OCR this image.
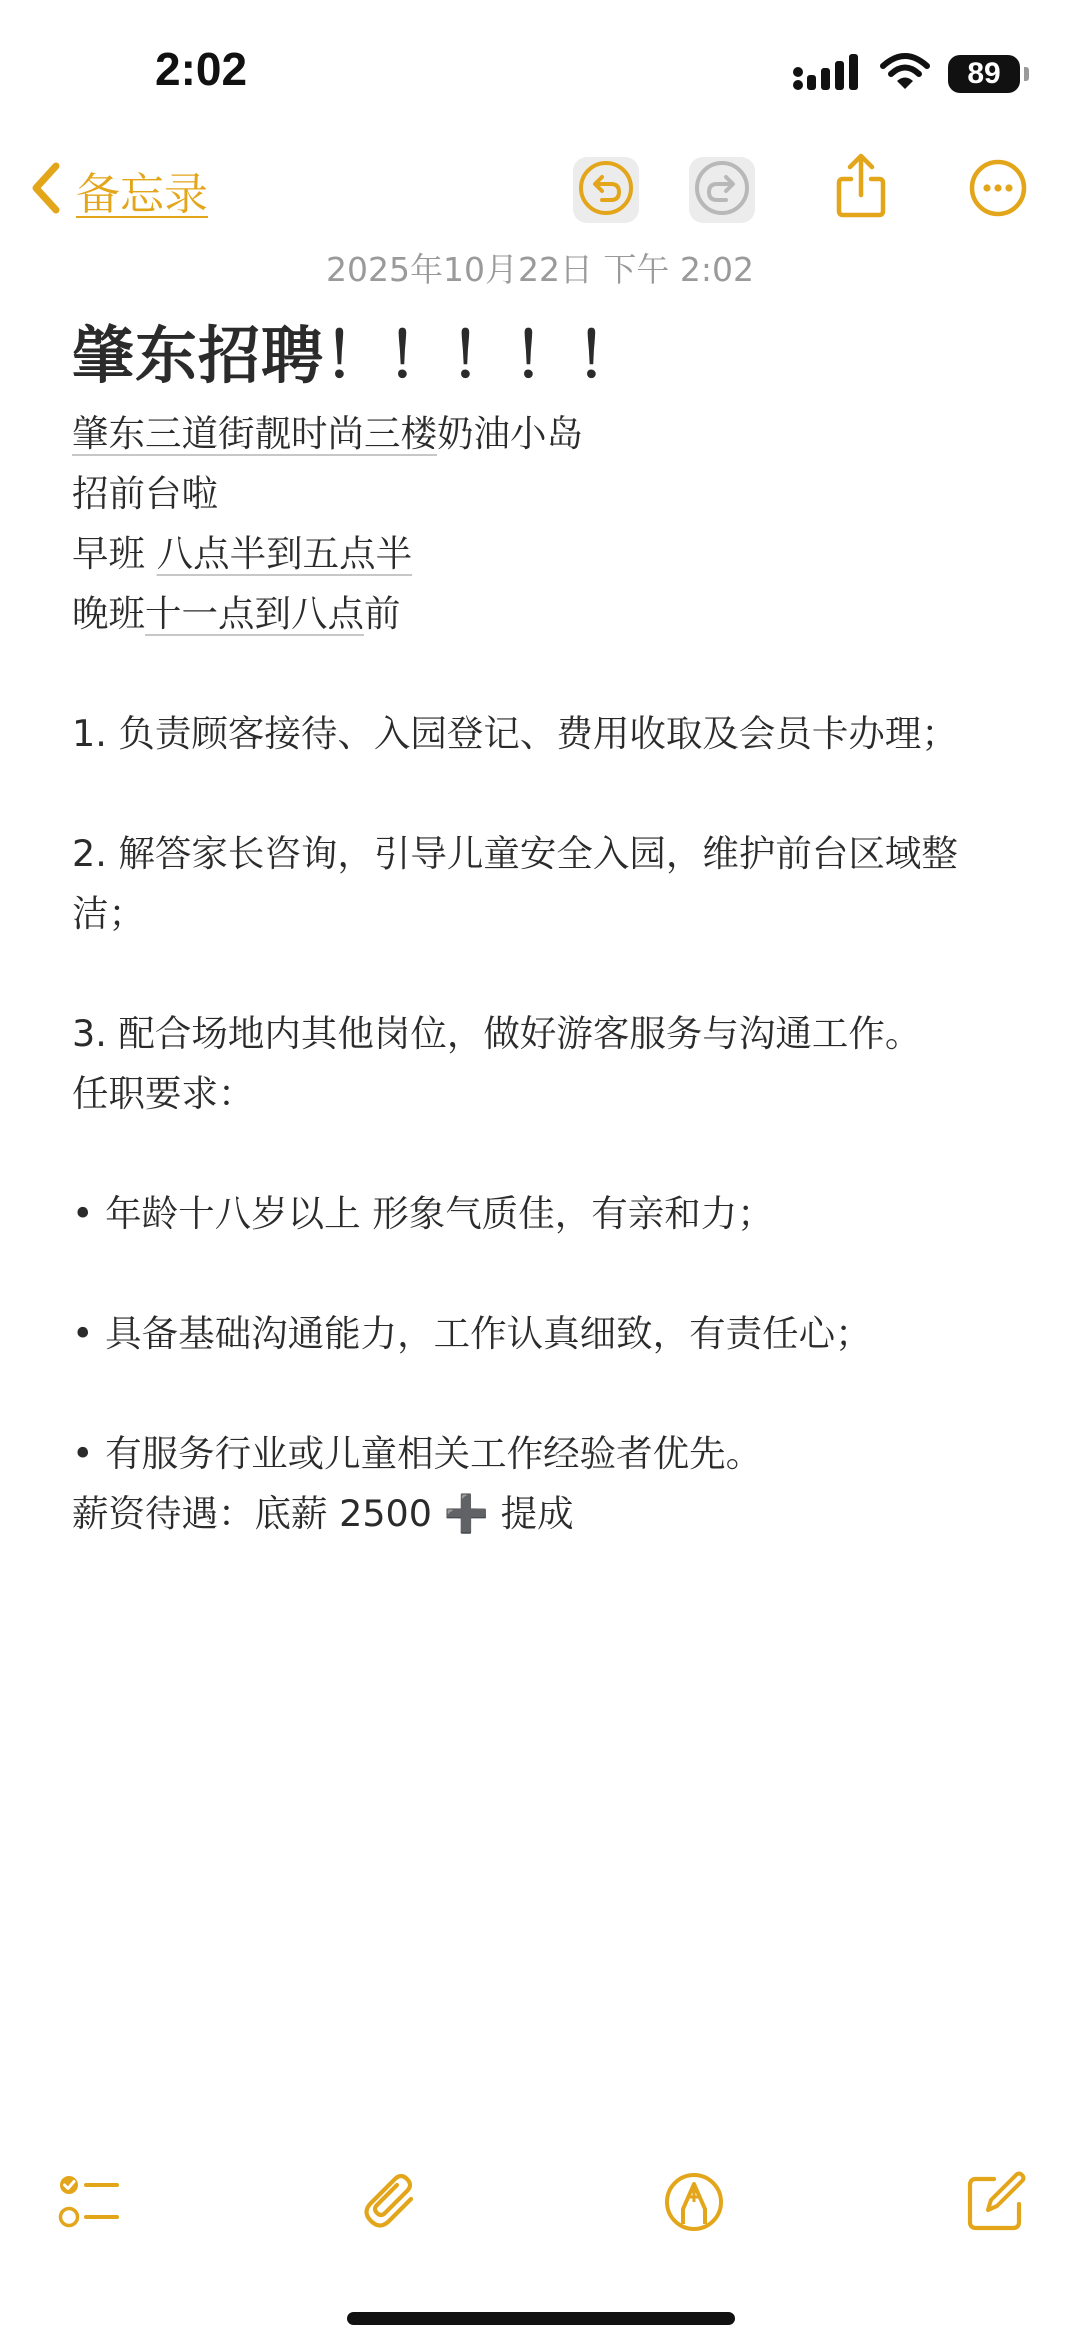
2:02	89
备忘录
2025年10月22日 下午 2:02
肇东招聘！！！！！
肇东三道街靓时尚三楼奶油小岛
招前台啦
早班 八点半到五点半
晚班十一点到八点前
1. 负责顾客接待、入园登记、费用收取及会员卡办理；
2. 解答家长咨询，引导儿童安全入园，维护前台区域整
洁；
3. 配合场地内其他岗位，做好游客服务与沟通工作。
任职要求：
• 年龄十八岁以上 形象气质佳，有亲和力；
• 具备基础沟通能力，工作认真细致，有责任心；
• 有服务行业或儿童相关工作经验者优先。
薪资待遇：底薪 2500 ➕ 提成
